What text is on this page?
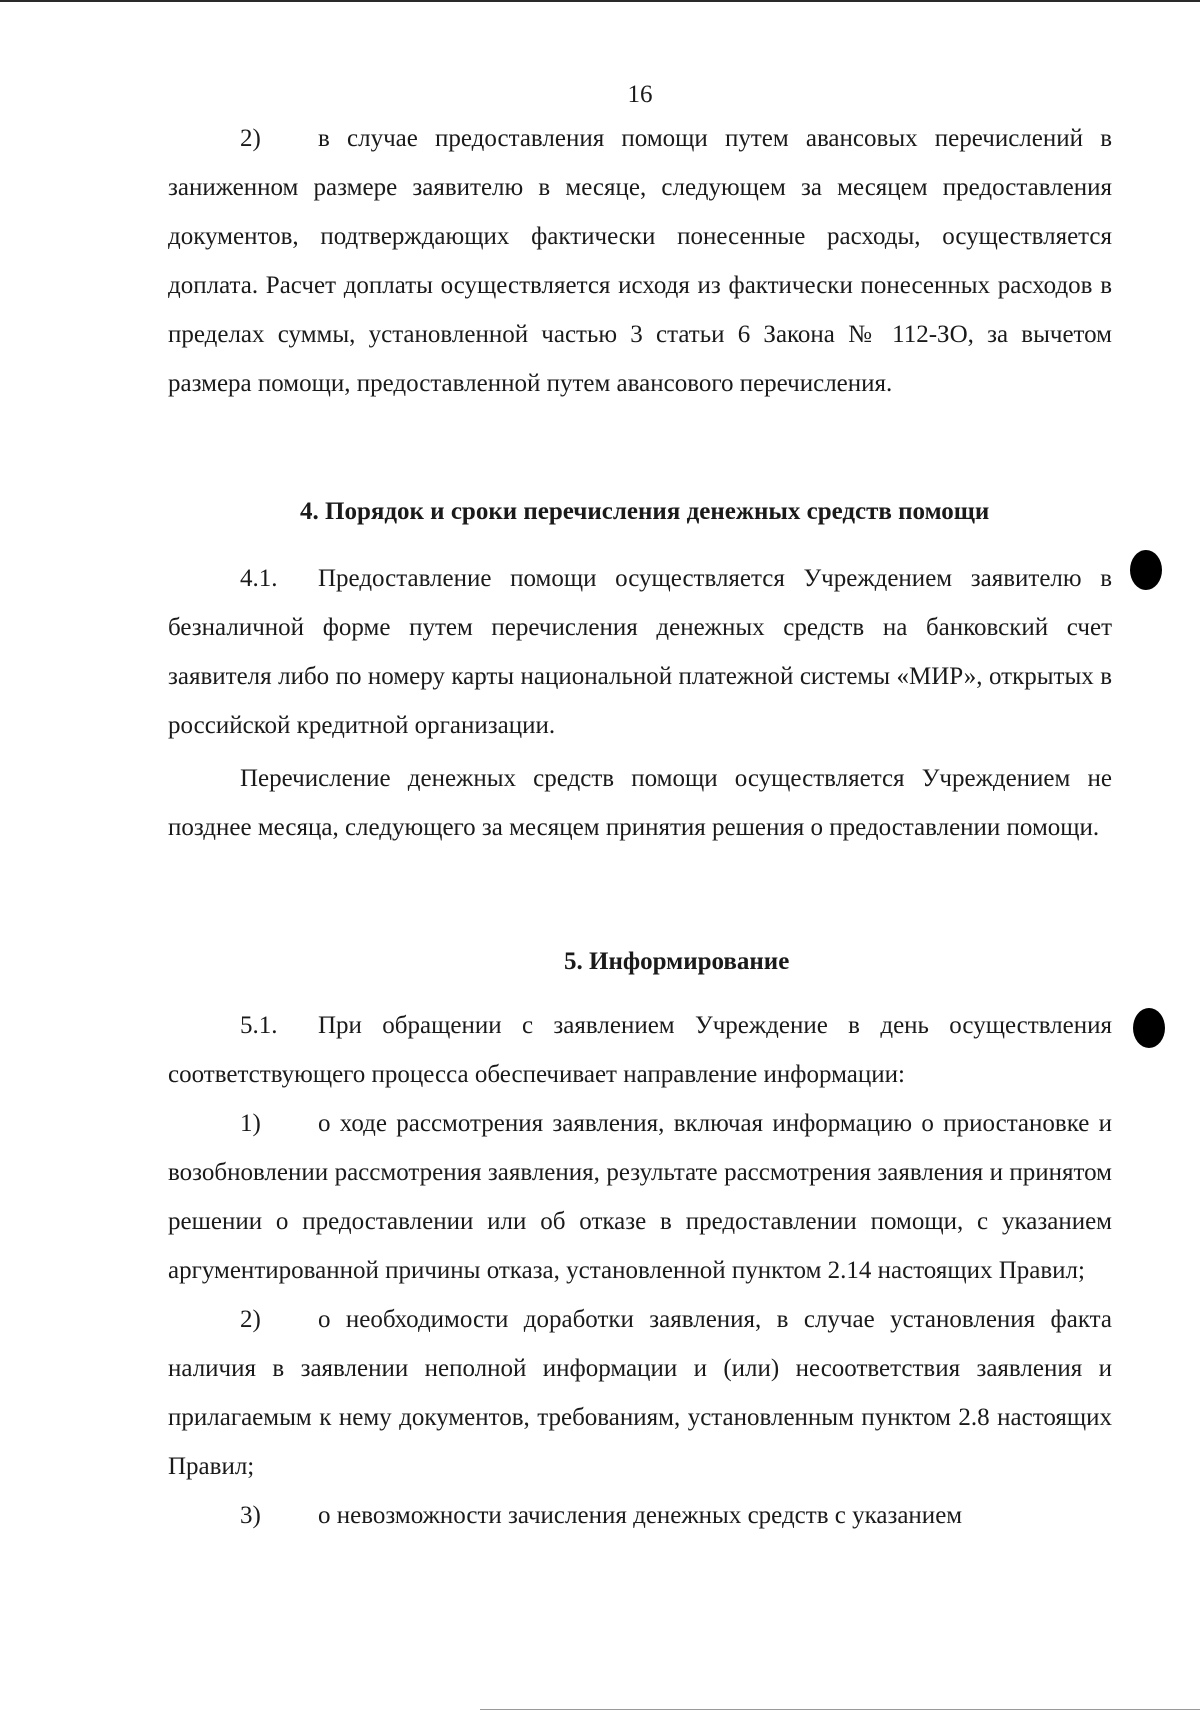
16

2) в случае предоставления помощи путем авансовых перечислений в заниженном размере заявителю в месяце, следующем за месяцем предоставления документов, подтверждающих фактически понесенные расходы, осуществляется доплата. Расчет доплаты осуществляется исходя из фактически понесенных расходов в пределах суммы, установленной частью 3 статьи 6 Закона № 112-ЗО, за вычетом размера помощи, предоставленной путем авансового перечисления.

4. Порядок и сроки перечисления денежных средств помощи

4.1. Предоставление помощи осуществляется Учреждением заявителю в безналичной форме путем перечисления денежных средств на банковский счет заявителя либо по номеру карты национальной платежной системы «МИР», открытых в российской кредитной организации.

Перечисление денежных средств помощи осуществляется Учреждением не позднее месяца, следующего за месяцем принятия решения о предоставлении помощи.

5. Информирование

5.1. При обращении с заявлением Учреждение в день осуществления соответствующего процесса обеспечивает направление информации:

1) о ходе рассмотрения заявления, включая информацию о приостановке и возобновлении рассмотрения заявления, результате рассмотрения заявления и принятом решении о предоставлении или об отказе в предоставлении помощи, с указанием аргументированной причины отказа, установленной пунктом 2.14 настоящих Правил;

2) о необходимости доработки заявления, в случае установления факта наличия в заявлении неполной информации и (или) несоответствия заявления и прилагаемым к нему документов, требованиям, установленным пунктом 2.8 настоящих Правил;

3) о невозможности зачисления денежных средств с указанием
